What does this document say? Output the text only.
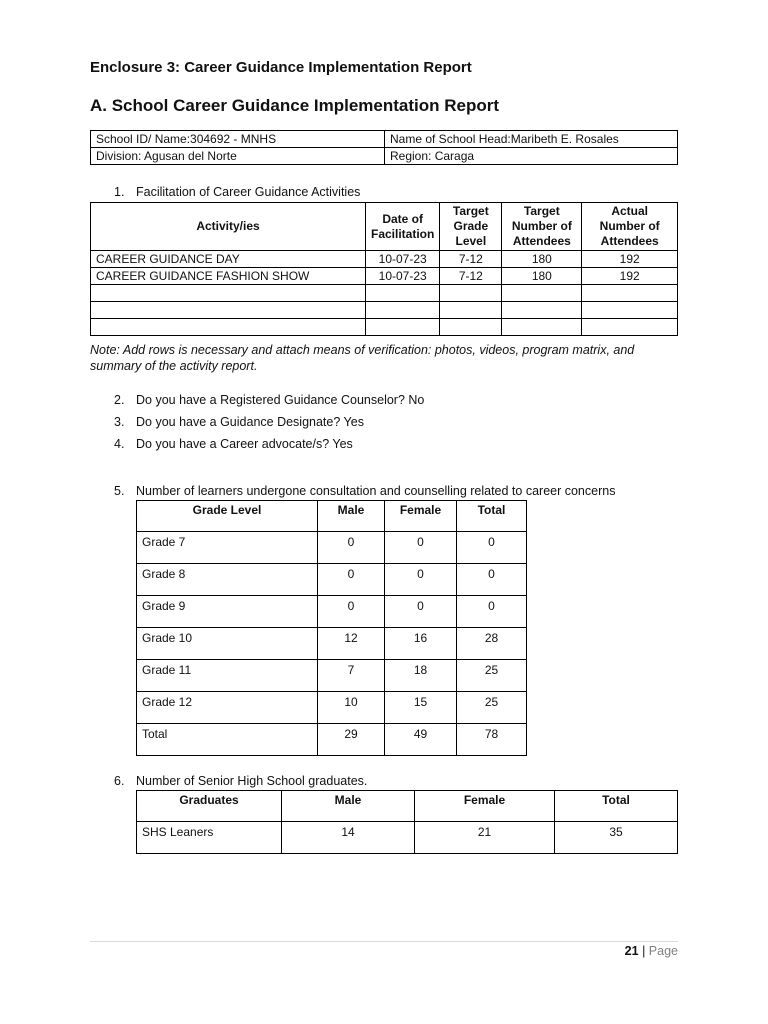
Enclosure 3: Career Guidance Implementation Report
A. School Career Guidance Implementation Report
School ID/ Name:304692 - MNHS	Name of School Head:Maribeth E. Rosales
Division: Agusan del Norte	Region: Caraga
1. Facilitation of Career Guidance Activities
Activity/ies	Date of Facilitation	Target Grade Level	Target Number of Attendees	Actual Number of Attendees
CAREER GUIDANCE DAY	10-07-23	7-12	180	192
CAREER GUIDANCE FASHION SHOW	10-07-23	7-12	180	192

Note: Add rows is necessary and attach means of verification: photos, videos, program matrix, and summary of the activity report.
2. Do you have a Registered Guidance Counselor? No
3. Do you have a Guidance Designate? Yes
4. Do you have a Career advocate/s? Yes
5. Number of learners undergone consultation and counselling related to career concerns
Grade Level	Male	Female	Total
Grade 7	0	0	0
Grade 8	0	0	0
Grade 9	0	0	0
Grade 10	12	16	28
Grade 11	7	18	25
Grade 12	10	15	25
Total	29	49	78
6. Number of Senior High School graduates.
Graduates	Male	Female	Total
SHS Leaners	14	21	35
21 | Page
